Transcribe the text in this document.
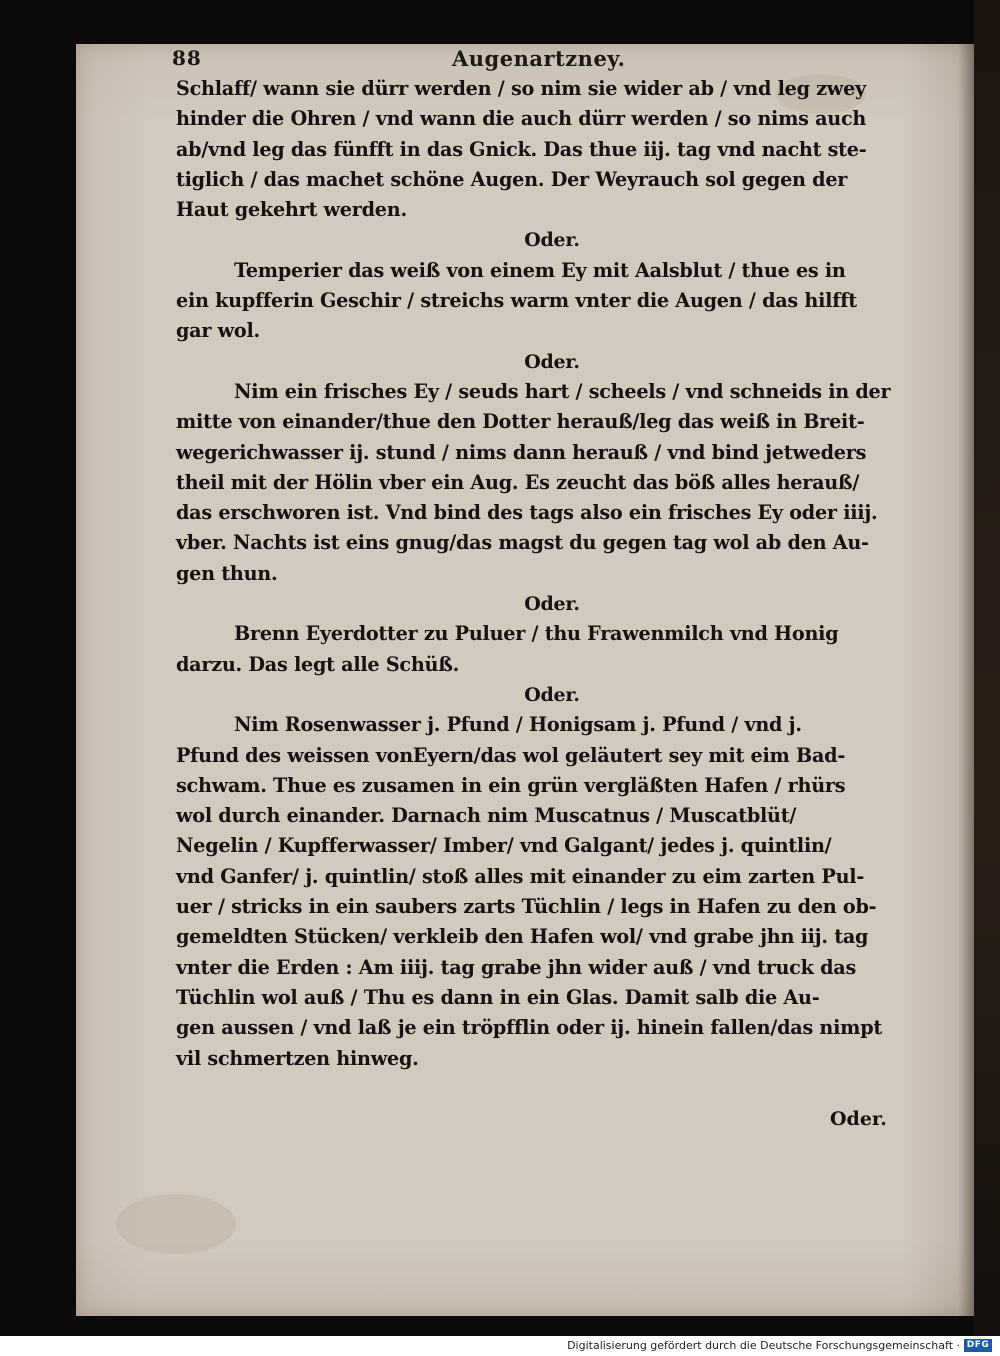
88	Augenartzney.
Schlaff/ wann sie dürr werden / so nim sie wider ab / vnd leg zwey
hinder die Ohren / vnd wann die auch dürr werden / so nims auch
ab/vnd leg das fünfft in das Gnick. Das thue iij. tag vnd nacht ste-
tiglich / das machet schöne Augen. Der Weyrauch sol gegen der
Haut gekehrt werden.
Oder.
Temperier das weiß von einem Ey mit Aalsblut / thue es in
ein kupfferin Geschir / streichs warm vnter die Augen / das hilfft
gar wol.
Oder.
Nim ein frisches Ey / seuds hart / scheels / vnd schneids in der
mitte von einander/thue den Dotter herauß/leg das weiß in Breit-
wegerichwasser ij. stund / nims dann herauß / vnd bind jetweders
theil mit der Hölin vber ein Aug. Es zeucht das böß alles herauß/
das erschworen ist. Vnd bind des tags also ein frisches Ey oder iiij.
vber. Nachts ist eins gnug/das magst du gegen tag wol ab den Au-
gen thun.
Oder.
Brenn Eyerdotter zu Puluer / thu Frawenmilch vnd Honig
darzu. Das legt alle Schüß.
Oder.
Nim Rosenwasser j. Pfund / Honigsam j. Pfund / vnd j.
Pfund des weissen vonEyern/das wol geläutert sey mit eim Bad-
schwam. Thue es zusamen in ein grün vergläßten Hafen / rhürs
wol durch einander. Darnach nim Muscatnus / Muscatblüt/
Negelin / Kupfferwasser/ Imber/ vnd Galgant/ jedes j. quintlin/
vnd Ganfer/ j. quintlin/ stoß alles mit einander zu eim zarten Pul-
uer / stricks in ein saubers zarts Tüchlin / legs in Hafen zu den ob-
gemeldten Stücken/ verkleib den Hafen wol/ vnd grabe jhn iij. tag
vnter die Erden : Am iiij. tag grabe jhn wider auß / vnd truck das
Tüchlin wol auß / Thu es dann in ein Glas. Damit salb die Au-
gen aussen / vnd laß je ein tröpfflin oder ij. hinein fallen/das nimpt
vil schmertzen hinweg.
Oder.
Digitalisierung gefördert durch die Deutsche Forschungsgemeinschaft · DFG
